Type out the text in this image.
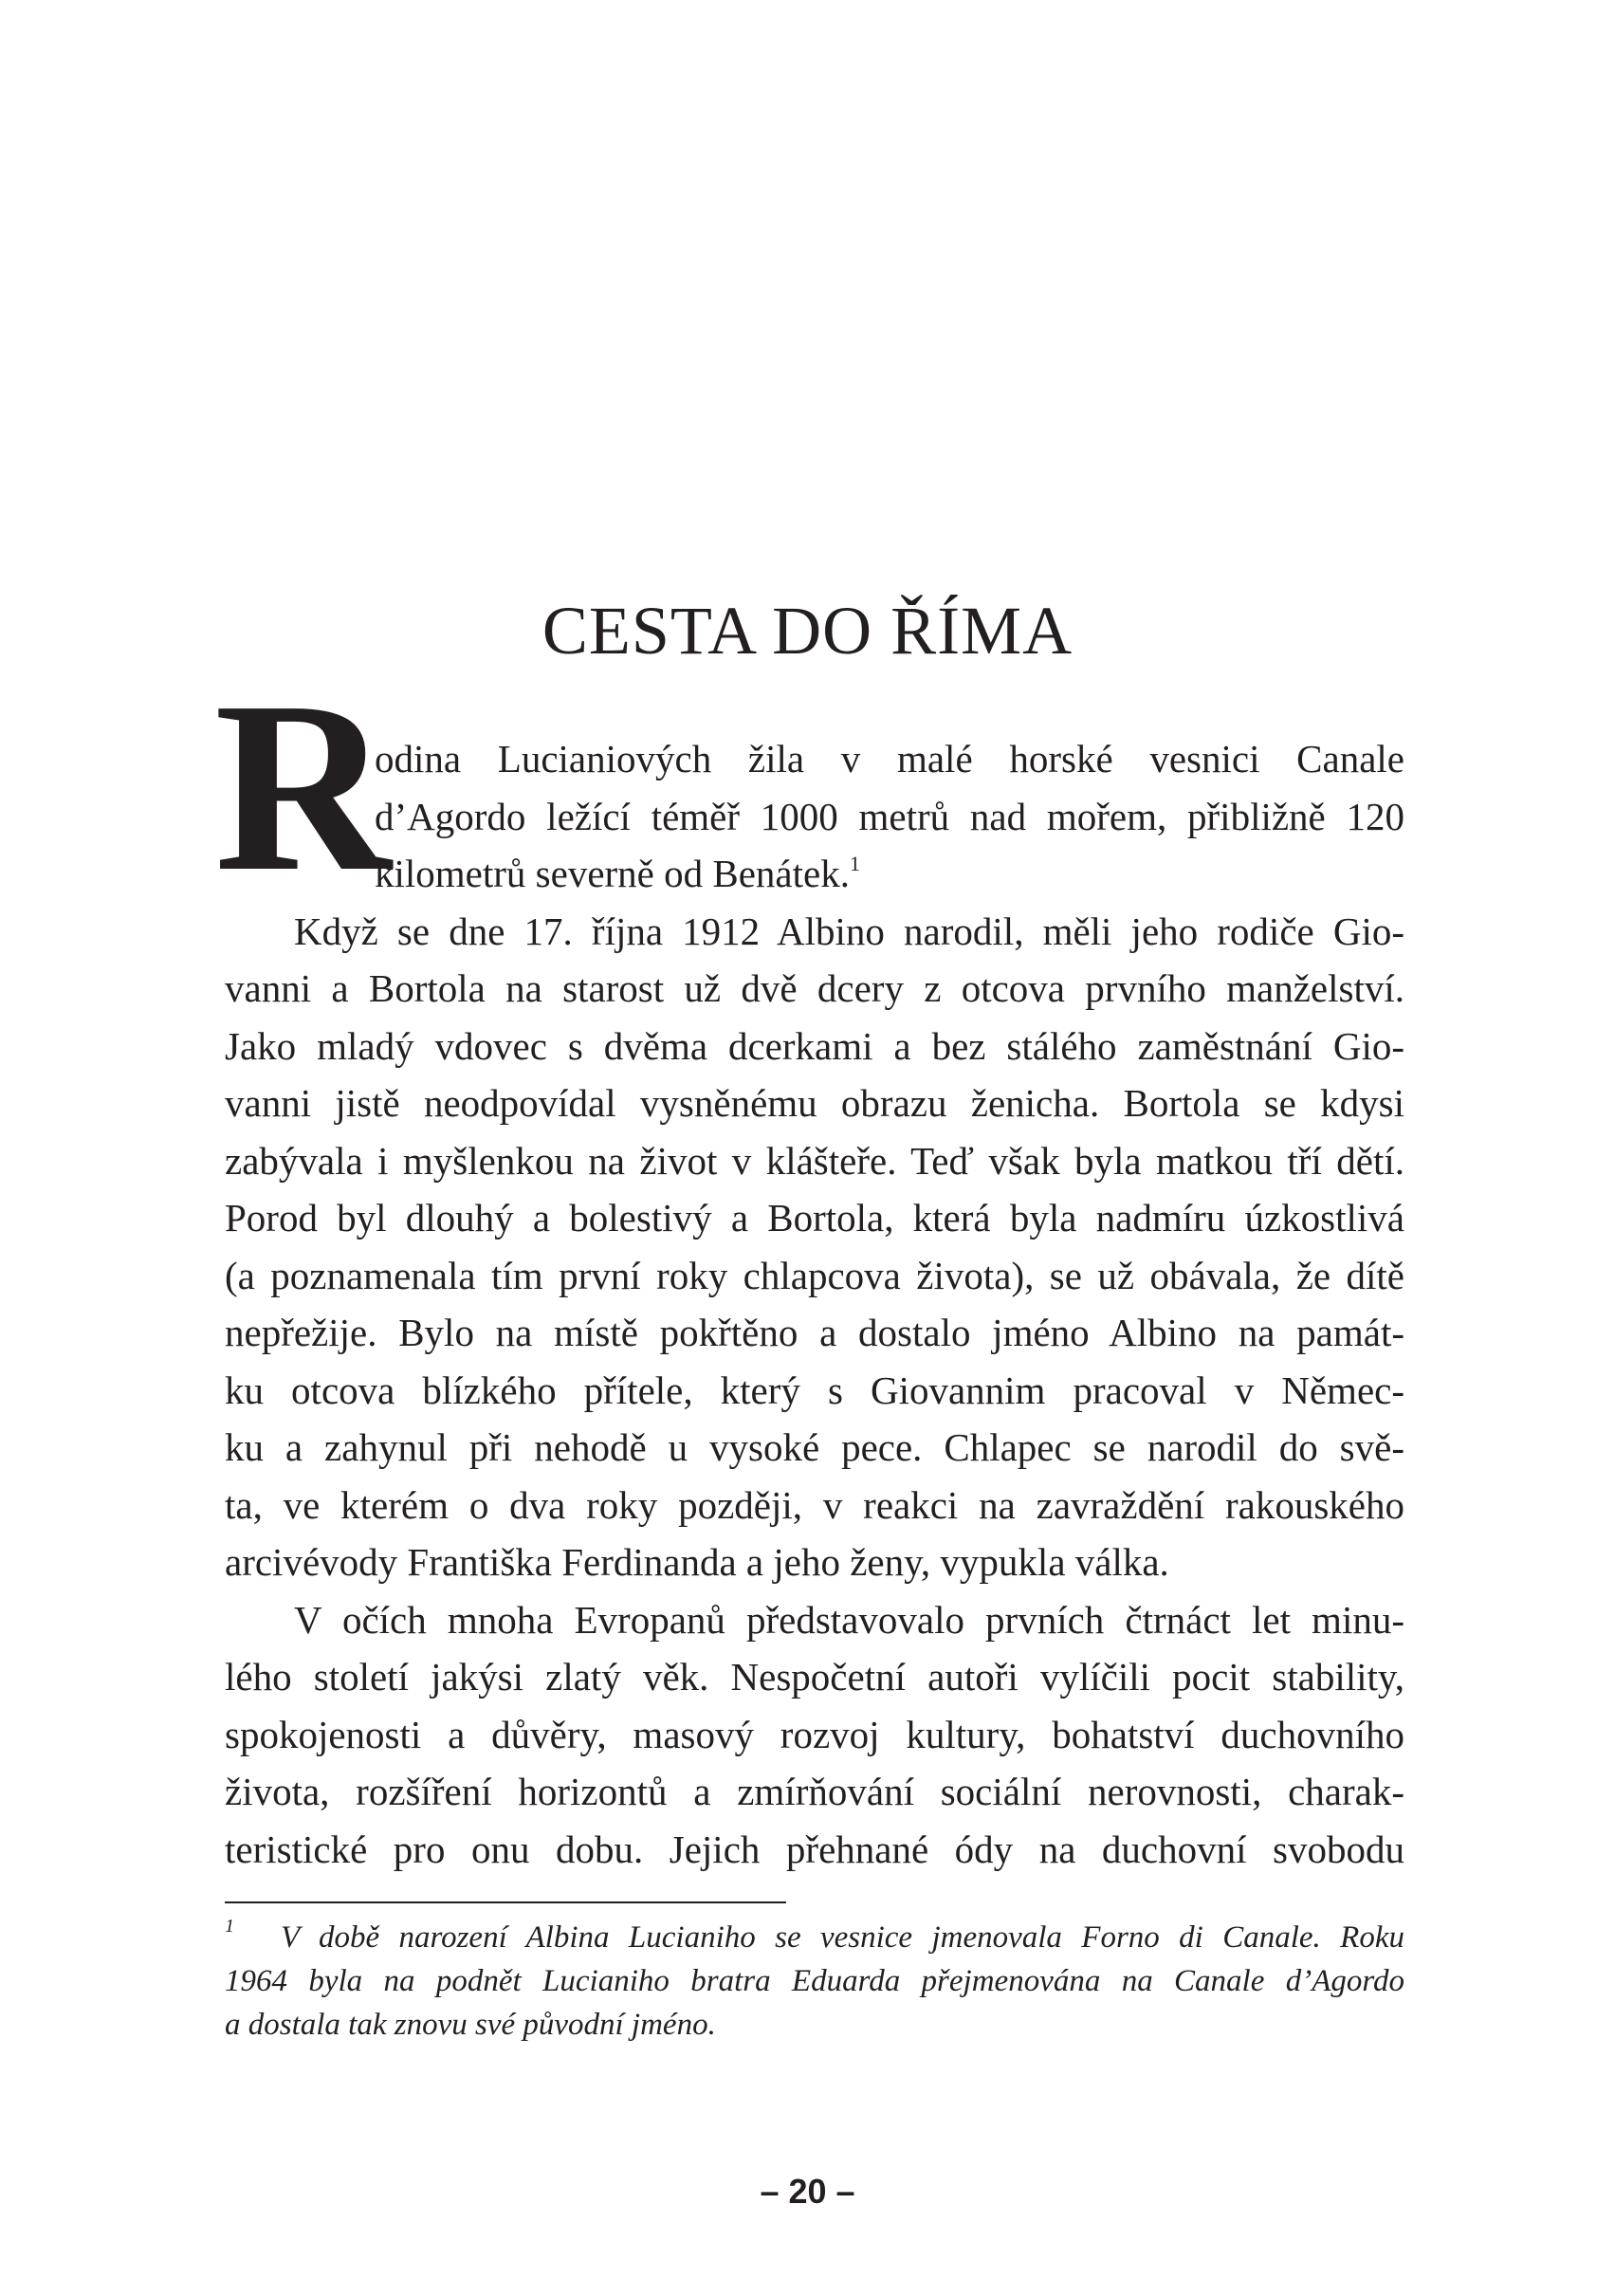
CESTA DO ŘÍMA
R
odina Lucianiových žila v malé horské vesnici Canale
d’Agordo ležící téměř 1000 metrů nad mořem, přibližně 120
kilometrů severně od Benátek.$^1$
Když se dne 17. října 1912 Albino narodil, měli jeho rodiče Gio-
vanni a Bortola na starost už dvě dcery z otcova prvního manželství.
Jako mladý vdovec s dvěma dcerkami a bez stálého zaměstnání Gio-
vanni jistě neodpovídal vysněnému obrazu ženicha. Bortola se kdysi
zabývala i myšlenkou na život v klášteře. Teď však byla matkou tří dětí.
Porod byl dlouhý a bolestivý a Bortola, která byla nadmíru úzkostlivá
(a poznamenala tím první roky chlapcova života), se už obávala, že dítě
nepřežije. Bylo na místě pokřtěno a dostalo jméno Albino na památ-
ku otcova blízkého přítele, který s Giovannim pracoval v Němec-
ku a zahynul při nehodě u vysoké pece. Chlapec se narodil do svě-
ta, ve kterém o dva roky později, v reakci na zavraždění rakouského
arcivévody Františka Ferdinanda a jeho ženy, vypukla válka.
V očích mnoha Evropanů představovalo prvních čtrnáct let minu-
lého století jakýsi zlatý věk. Nespočetní autoři vylíčili pocit stability,
spokojenosti a důvěry, masový rozvoj kultury, bohatství duchovního
života, rozšíření horizontů a zmírňování sociální nerovnosti, charak-
teristické pro onu dobu. Jejich přehnané ódy na duchovní svobodu
1 V době narození Albina Lucianiho se vesnice jmenovala Forno di Canale. Roku
1964 byla na podnět Lucianiho bratra Eduarda přejmenována na Canale d’Agordo
a dostala tak znovu své původní jméno.
– 20 –
